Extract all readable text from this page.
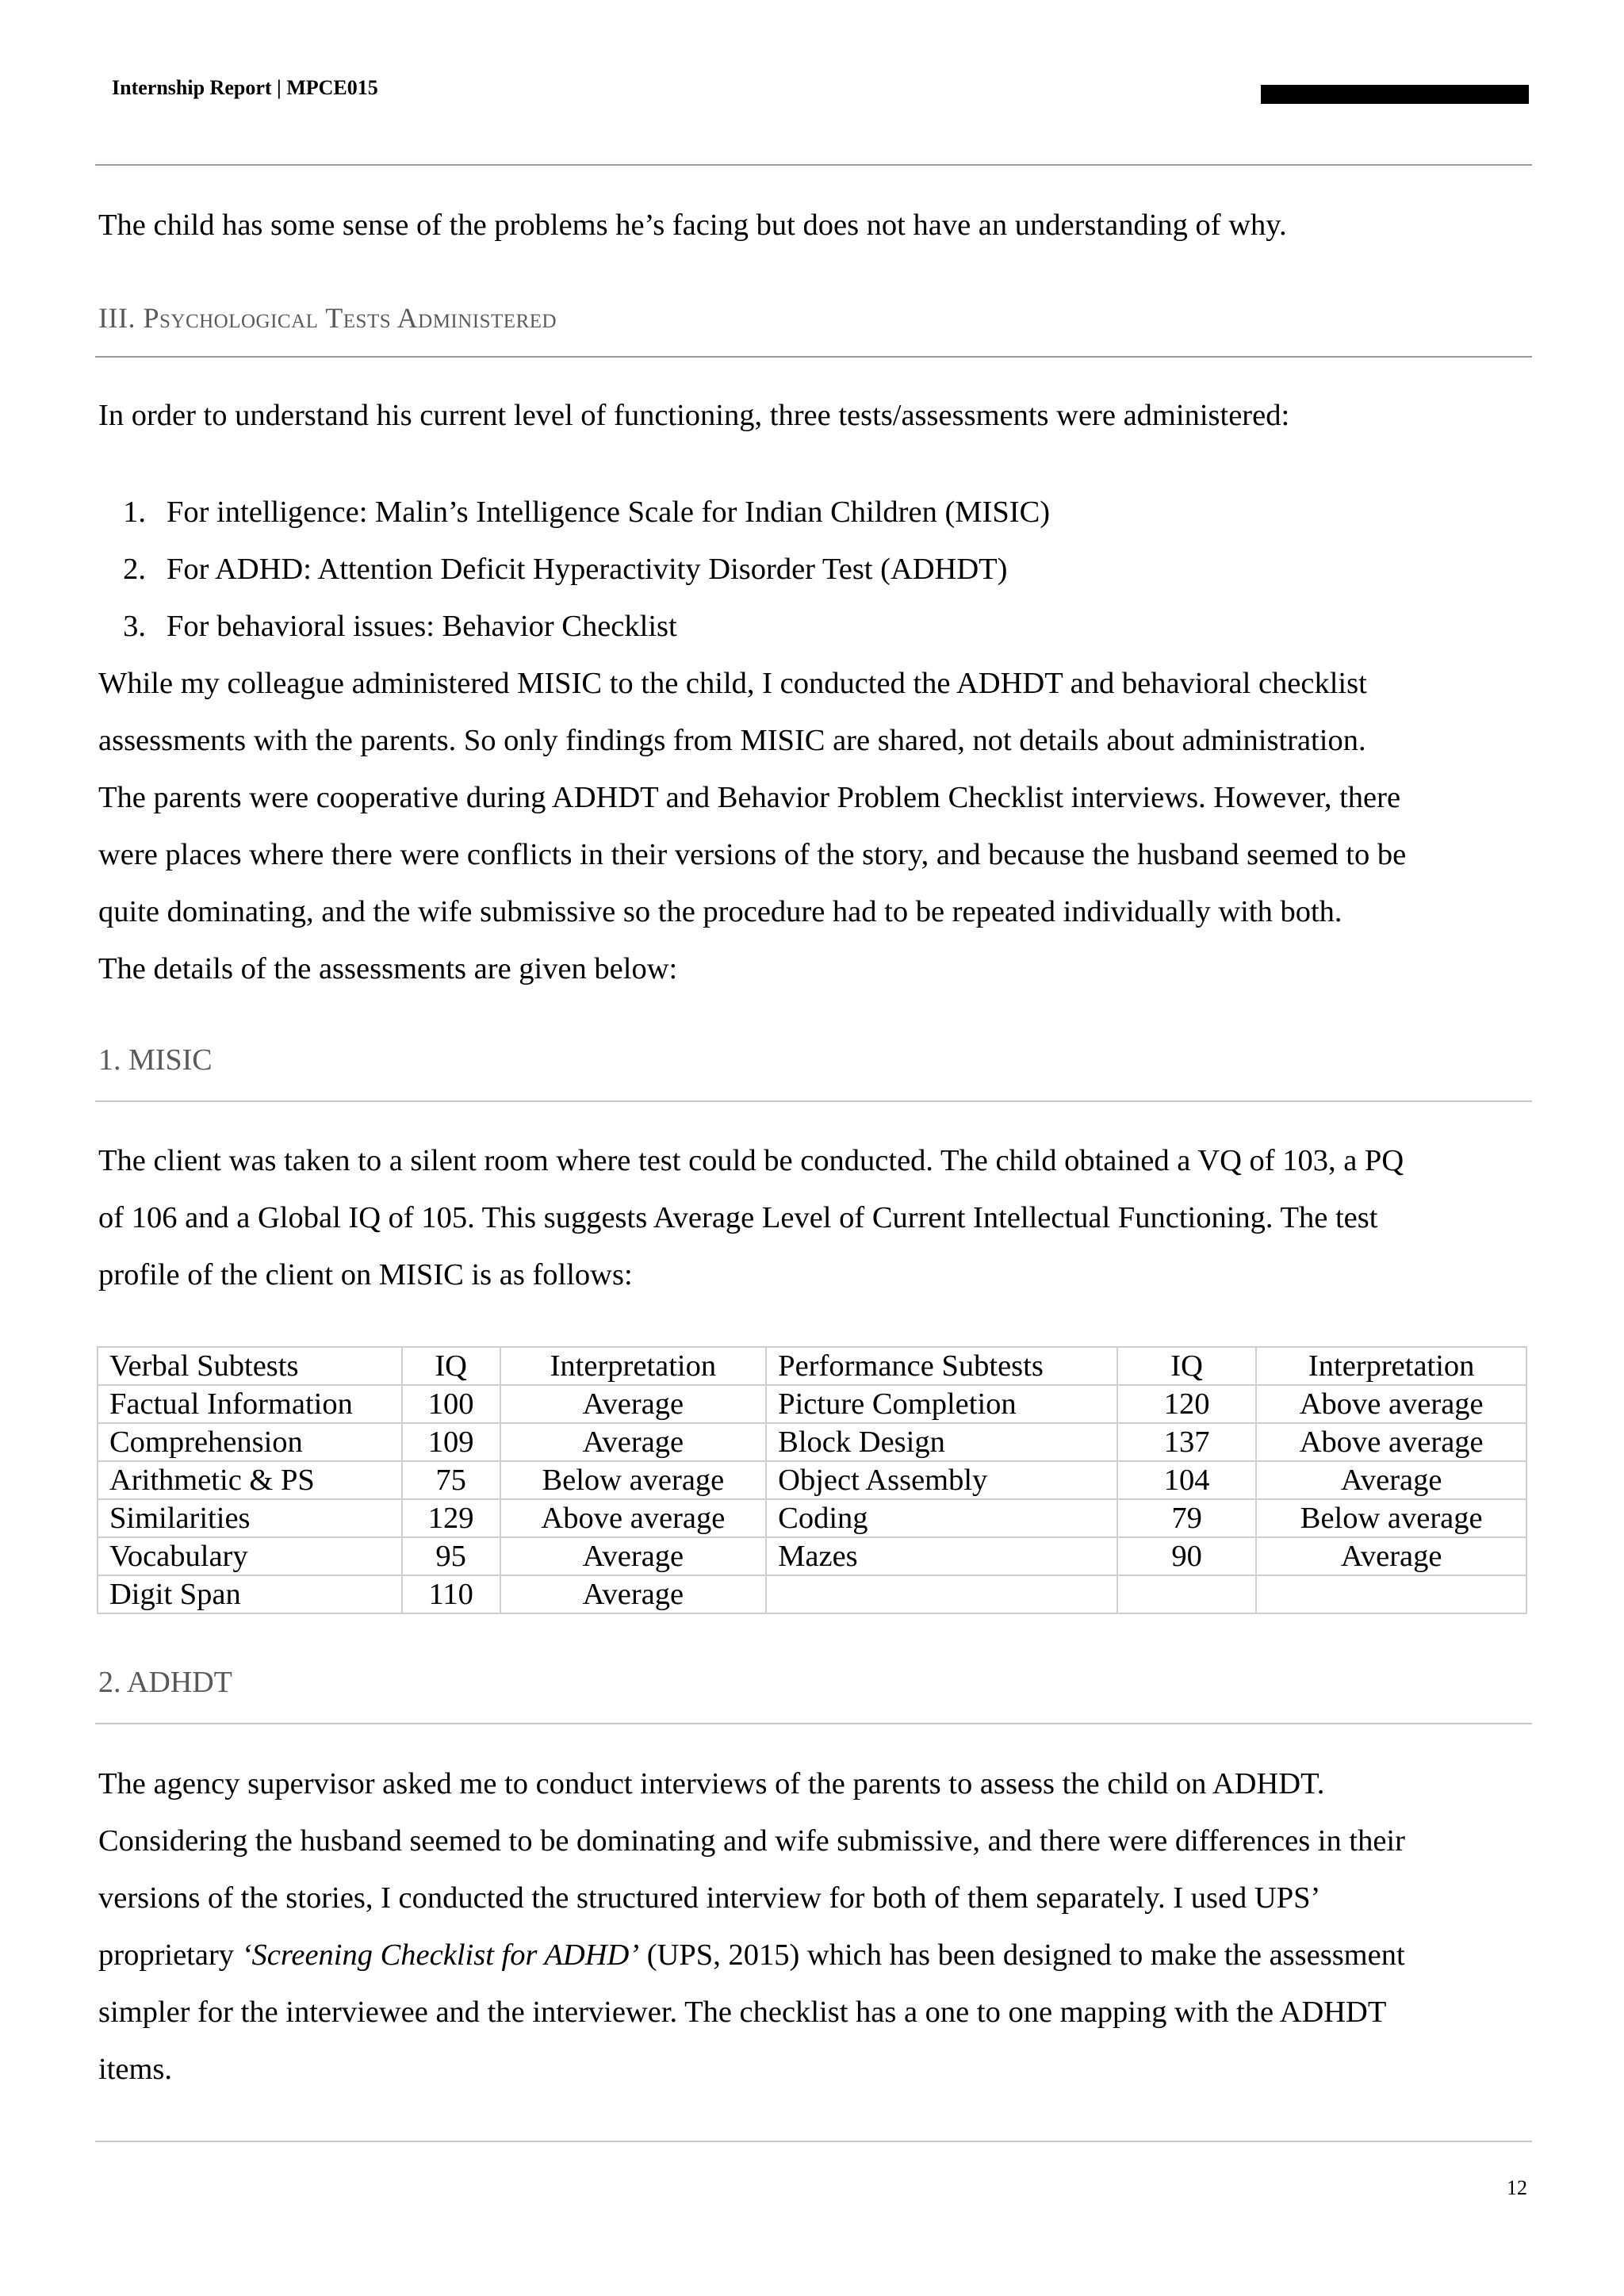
Internship Report | MPCE015

The child has some sense of the problems he’s facing but does not have an understanding of why.

III. Psychological Tests Administered

In order to understand his current level of functioning, three tests/assessments were administered:

1. For intelligence: Malin’s Intelligence Scale for Indian Children (MISIC)
2. For ADHD: Attention Deficit Hyperactivity Disorder Test (ADHDT)
3. For behavioral issues: Behavior Checklist

While my colleague administered MISIC to the child, I conducted the ADHDT and behavioral checklist

assessments with the parents. So only findings from MISIC are shared, not details about administration.

The parents were cooperative during ADHDT and Behavior Problem Checklist interviews. However, there

were places where there were conflicts in their versions of the story, and because the husband seemed to be

quite dominating, and the wife submissive so the procedure had to be repeated individually with both.

The details of the assessments are given below:

1. MISIC

The client was taken to a silent room where test could be conducted. The child obtained a VQ of 103, a PQ

of 106 and a Global IQ of 105. This suggests Average Level of Current Intellectual Functioning. The test

profile of the client on MISIC is as follows:

Verbal Subtests	IQ	Interpretation	Performance Subtests	IQ	Interpretation
Factual Information	100	Average	Picture Completion	120	Above average
Comprehension	109	Average	Block Design	137	Above average
Arithmetic & PS	75	Below average	Object Assembly	104	Average
Similarities	129	Above average	Coding	79	Below average
Vocabulary	95	Average	Mazes	90	Average
Digit Span	110	Average			
2. ADHDT

The agency supervisor asked me to conduct interviews of the parents to assess the child on ADHDT.

Considering the husband seemed to be dominating and wife submissive, and there were differences in their

versions of the stories, I conducted the structured interview for both of them separately. I used UPS’

proprietary ‘Screening Checklist for ADHD’ (UPS, 2015) which has been designed to make the assessment

simpler for the interviewee and the interviewer. The checklist has a one to one mapping with the ADHDT

items.

12
